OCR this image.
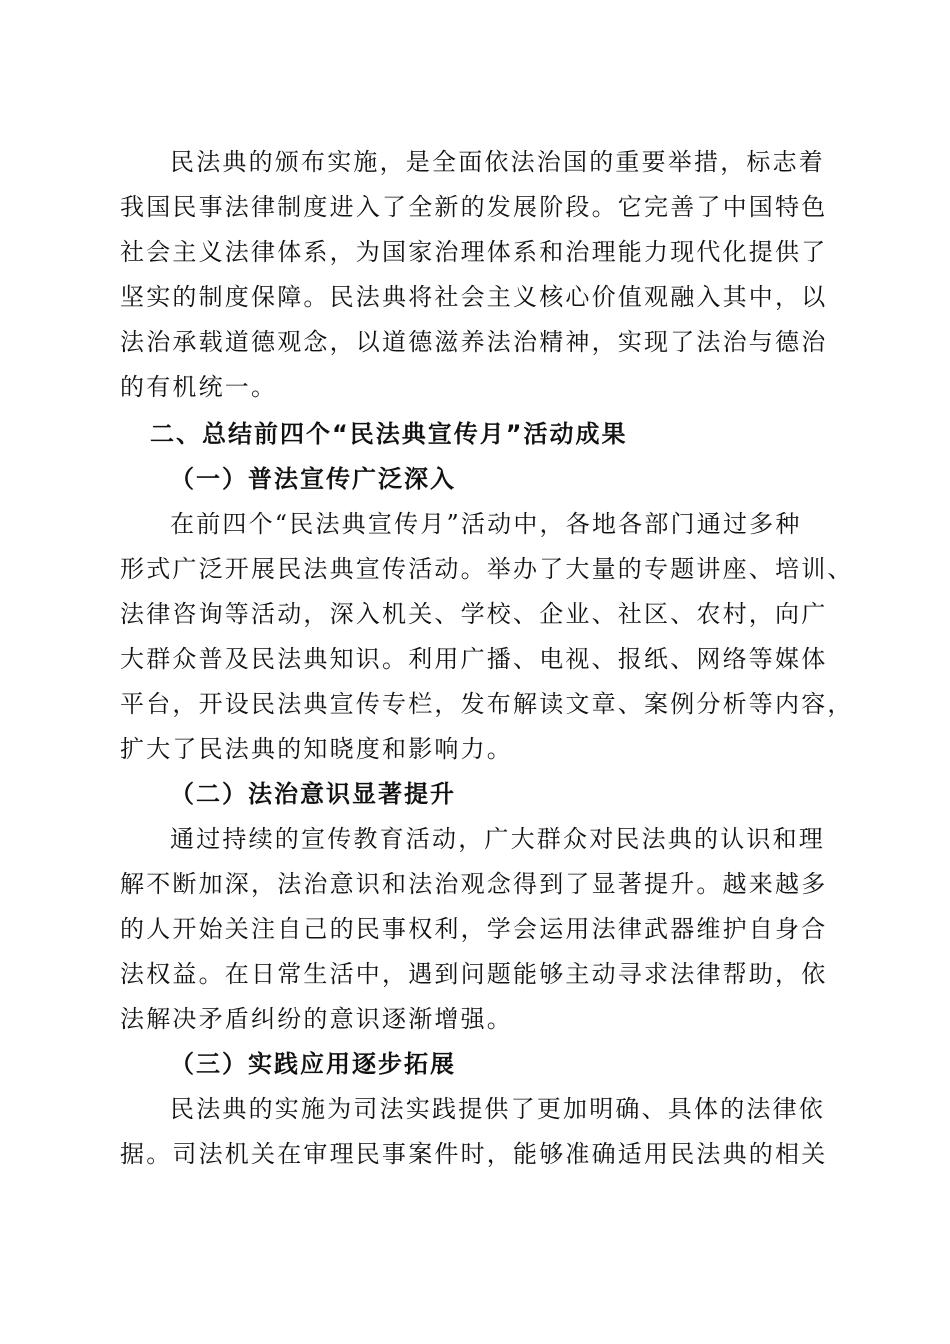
民法典的颁布实施，是全面依法治国的重要举措，标志着
我国民事法律制度进入了全新的发展阶段。它完善了中国特色
社会主义法律体系，为国家治理体系和治理能力现代化提供了
坚实的制度保障。民法典将社会主义核心价值观融入其中，以
法治承载道德观念，以道德滋养法治精神，实现了法治与德治
的有机统一。
二、总结前四个“民法典宣传月”活动成果
（一）普法宣传广泛深入
在前四个“民法典宣传月”活动中，各地各部门通过多种
形式广泛开展民法典宣传活动。举办了大量的专题讲座、培训、
法律咨询等活动，深入机关、学校、企业、社区、农村，向广
大群众普及民法典知识。利用广播、电视、报纸、网络等媒体
平台，开设民法典宣传专栏，发布解读文章、案例分析等内容，
扩大了民法典的知晓度和影响力。
（二）法治意识显著提升
通过持续的宣传教育活动，广大群众对民法典的认识和理
解不断加深，法治意识和法治观念得到了显著提升。越来越多
的人开始关注自己的民事权利，学会运用法律武器维护自身合
法权益。在日常生活中，遇到问题能够主动寻求法律帮助，依
法解决矛盾纠纷的意识逐渐增强。
（三）实践应用逐步拓展
民法典的实施为司法实践提供了更加明确、具体的法律依
据。司法机关在审理民事案件时，能够准确适用民法典的相关
